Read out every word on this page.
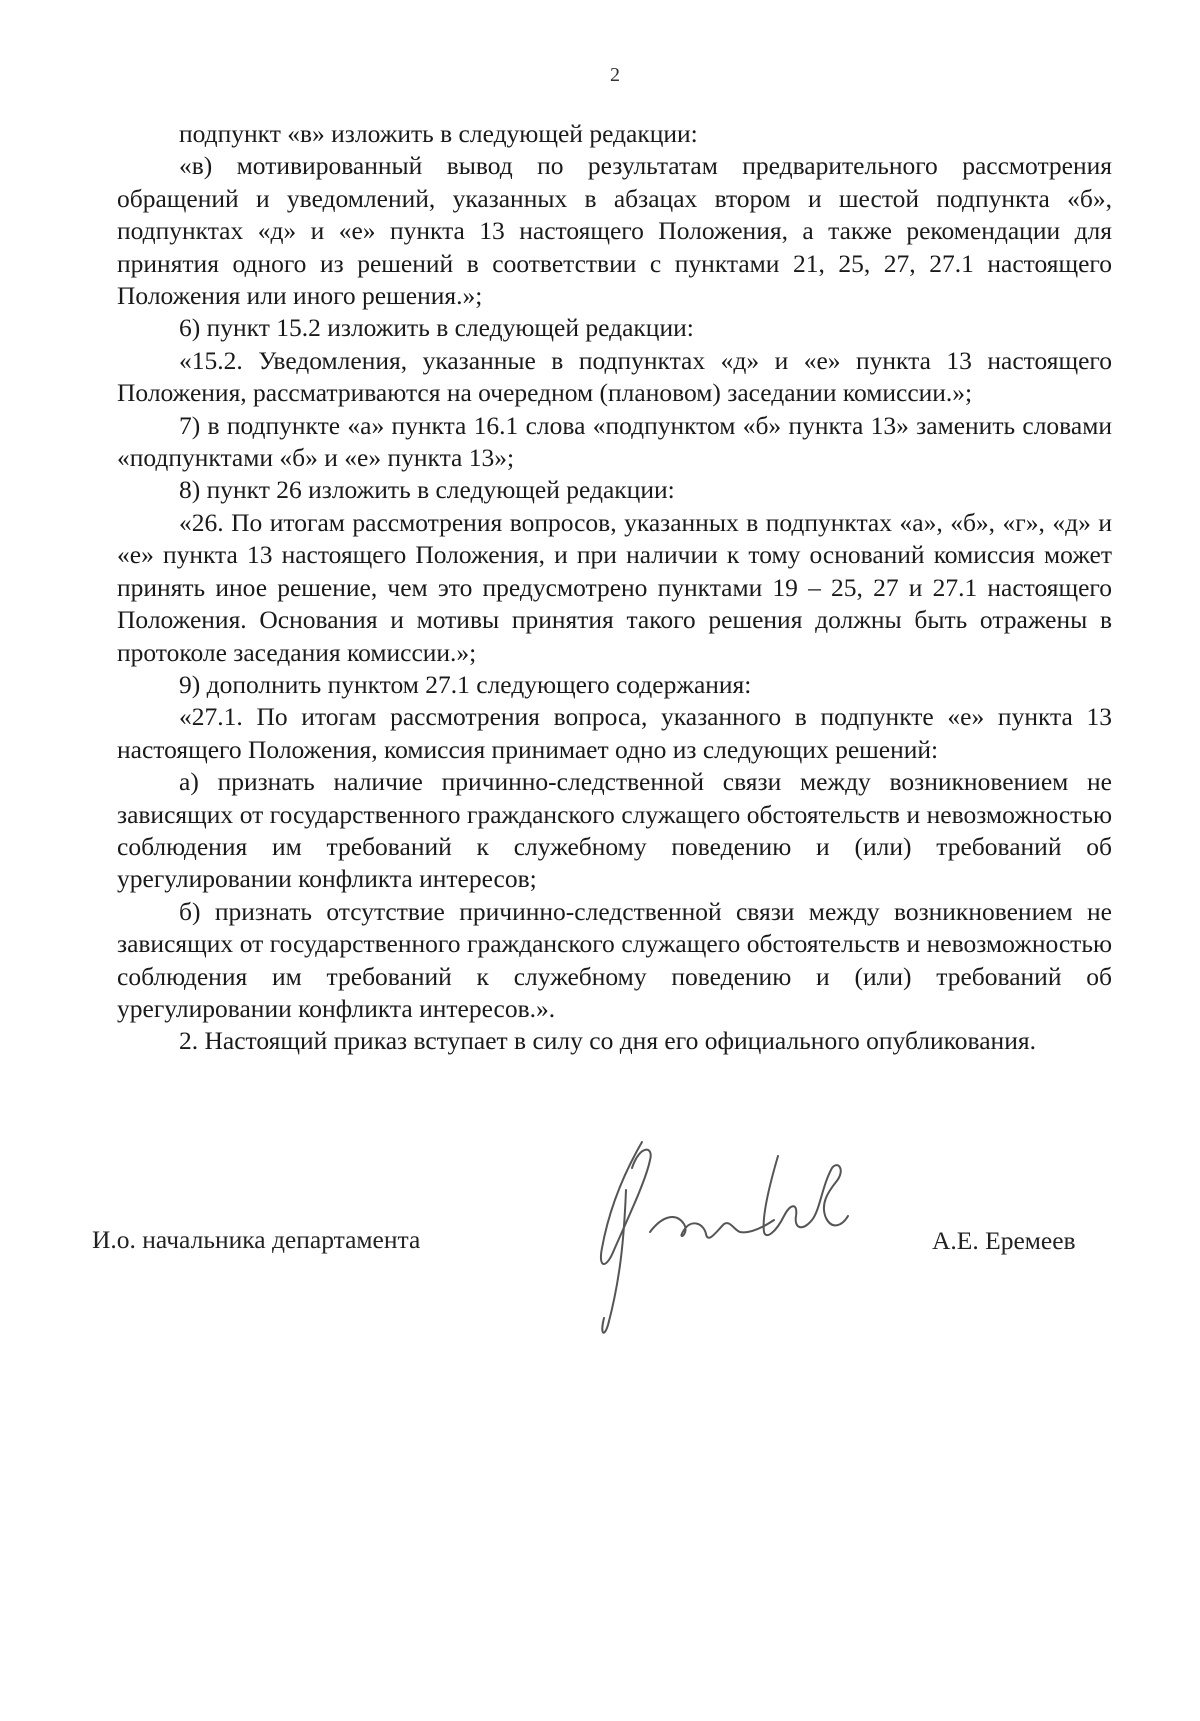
2

подпункт «в» изложить в следующей редакции:

«в) мотивированный вывод по результатам предварительного рассмотрения обращений и уведомлений, указанных в абзацах втором и шестой подпункта «б», подпунктах «д» и «е» пункта 13 настоящего Положения, а также рекомендации для принятия одного из решений в соответствии с пунктами 21, 25, 27, 27.1 настоящего Положения или иного решения.»;

6) пункт 15.2 изложить в следующей редакции:

«15.2. Уведомления, указанные в подпунктах «д» и «е» пункта 13 настоящего Положения, рассматриваются на очередном (плановом) заседании комиссии.»;

7) в подпункте «а» пункта 16.1 слова «подпунктом «б» пункта 13» заменить словами «подпунктами «б» и «е» пункта 13»;

8) пункт 26 изложить в следующей редакции:

«26. По итогам рассмотрения вопросов, указанных в подпунктах «а», «б», «г», «д» и «е» пункта 13 настоящего Положения, и при наличии к тому оснований комиссия может принять иное решение, чем это предусмотрено пунктами 19 – 25, 27 и 27.1 настоящего Положения. Основания и мотивы принятия такого решения должны быть отражены в протоколе заседания комиссии.»;

9) дополнить пунктом 27.1 следующего содержания:

«27.1. По итогам рассмотрения вопроса, указанного в подпункте «е» пункта 13 настоящего Положения, комиссия принимает одно из следующих решений:

а) признать наличие причинно-следственной связи между возникновением не зависящих от государственного гражданского служащего обстоятельств и невозможностью соблюдения им требований к служебному поведению и (или) требований об урегулировании конфликта интересов;

б) признать отсутствие причинно-следственной связи между возникновением не зависящих от государственного гражданского служащего обстоятельств и невозможностью соблюдения им требований к служебному поведению и (или) требований об урегулировании конфликта интересов.».

2. Настоящий приказ вступает в силу со дня его официального опубликования.

И.о. начальника департамента	А.Е. Еремеев
